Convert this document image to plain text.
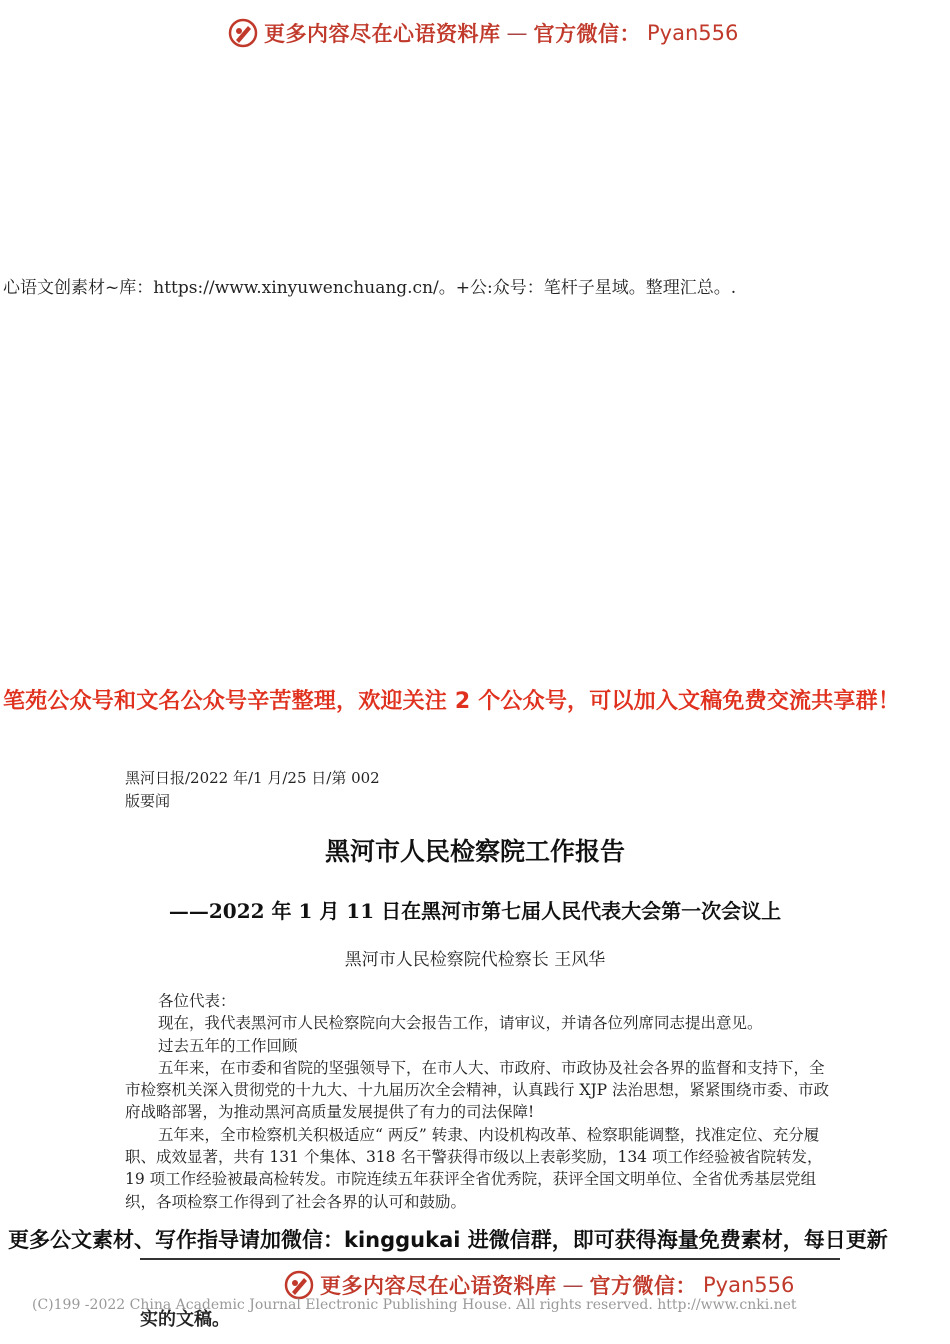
更多内容尽在心语资料库 — 官方微信： Pyan556
心语文创素材~库：https://www.xinyuwenchuang.cn/。+公:众号：笔杆子星域。整理汇总。.
笔苑公众号和文名公众号辛苦整理，欢迎关注 2 个公众号，可以加入文稿免费交流共享群！
黑河日报/2022 年/1 月/25 日/第 002
版要闻
黑河市人民检察院工作报告
——2022 年 1 月 11 日在黑河市第七届人民代表大会第一次会议上
黑河市人民检察院代检察长 王风华

各位代表：

现在，我代表黑河市人民检察院向大会报告工作，请审议，并请各位列席同志提出意见。

过去五年的工作回顾

五年来，在市委和省院的坚强领导下，在市人大、市政府、市政协及社会各界的监督和支持下，全市检察机关深入贯彻党的十九大、十九届历次全会精神，认真践行 XJP 法治思想，紧紧围绕市委、市政府战略部署，为推动黑河高质量发展提供了有力的司法保障!

五年来，全市检察机关积极适应“ 两反” 转隶、内设机构改革、检察职能调整，找准定位、充分履职、成效显著，共有 131 个集体、318 名干警获得市级以上表彰奖励，134 项工作经验被省院转发，19 项工作经验被最高检转发。市院连续五年获评全省优秀院，获评全国文明单位、全省优秀基层党组织，各项检察工作得到了社会各界的认可和鼓励。

更多公文素材、写作指导请加微信：kinggukai 进微信群，即可获得海量免费素材，每日更新
更多内容尽在心语资料库 — 官方微信： Pyan556
(C)199 -2022 China Academic Journal Electronic Publishing House. All rights reserved. http://www.cnki.net
实的文稿。
